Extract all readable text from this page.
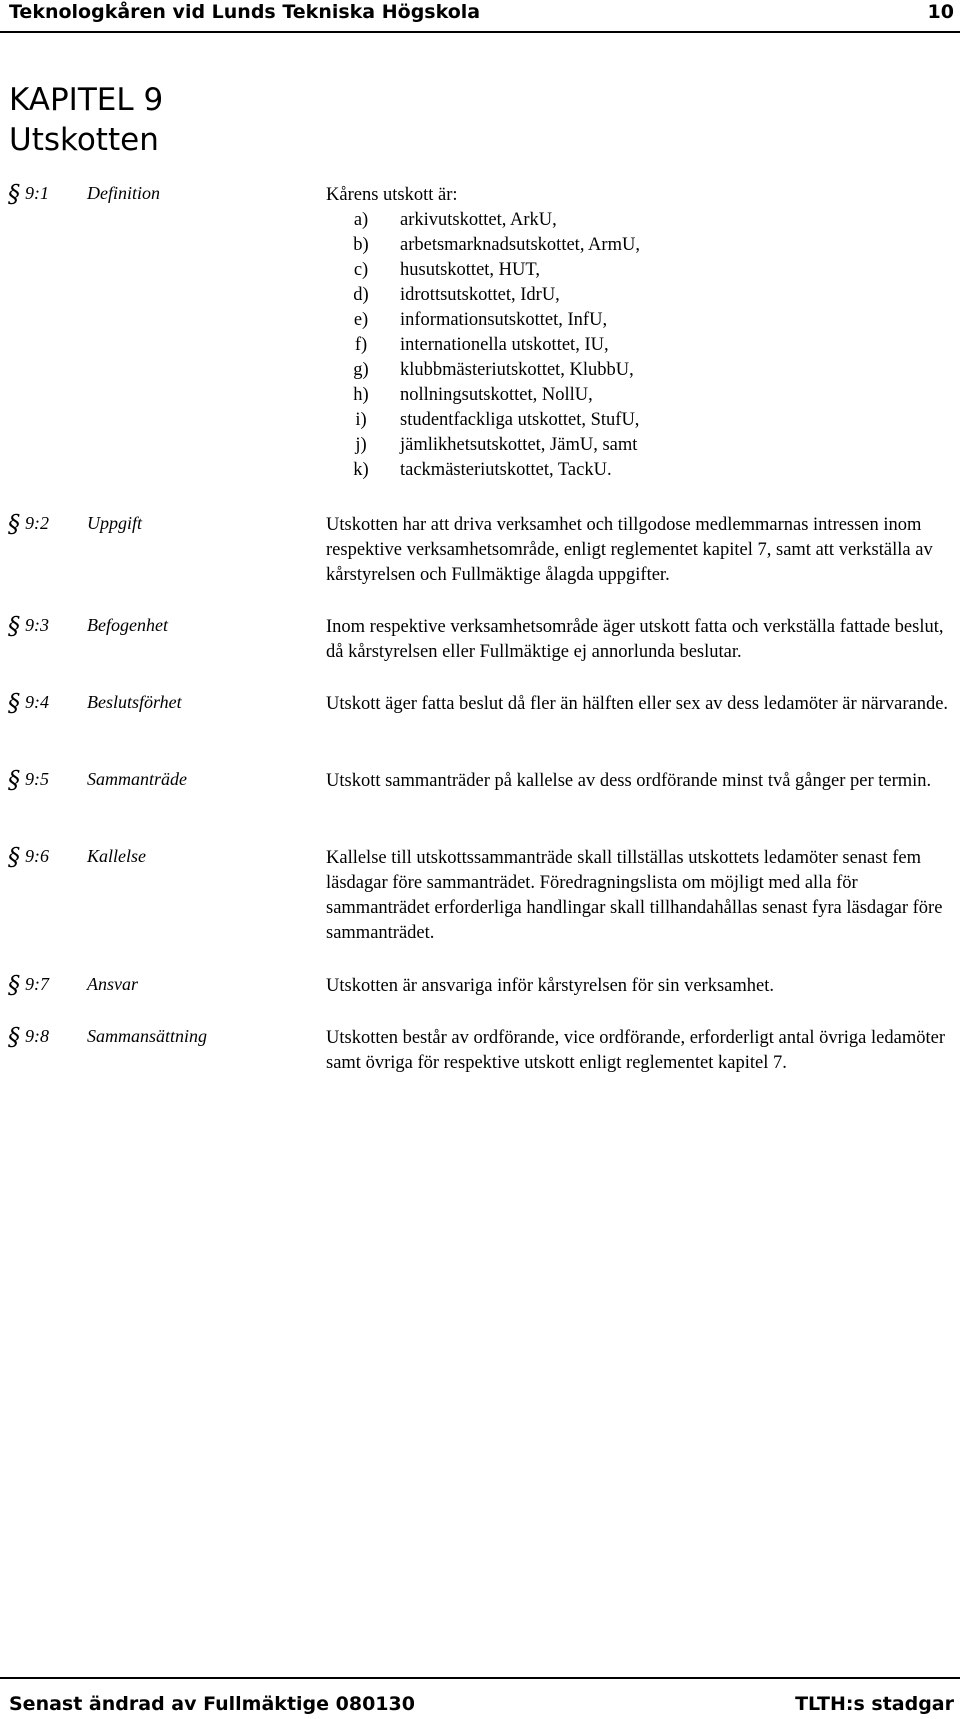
Teknologkåren vid Lunds Tekniska Högskola	10
KAPITEL 9
Utskotten
§ 9:1 Definition	Kårens utskott är:
a)	arkivutskottet, ArkU,
b)	arbetsmarknadsutskottet, ArmU,
c)	husutskottet, HUT,
d)	idrottsutskottet, IdrU,
e)	informationsutskottet, InfU,
f)	internationella utskottet, IU,
g)	klubbmästeriutskottet, KlubbU,
h)	nollningsutskottet, NollU,
i)	studentfackliga utskottet, StufU,
j)	jämlikhetsutskottet, JämU, samt
k)	tackmästeriutskottet, TackU.
§ 9:2 Uppgift	Utskotten har att driva verksamhet och tillgodose medlemmarnas intressen inom respektive verksamhetsområde, enligt reglementet kapitel 7, samt att verkställa av kårstyrelsen och Fullmäktige ålagda uppgifter.
§ 9:3 Befogenhet	Inom respektive verksamhetsområde äger utskott fatta och verkställa fattade beslut, då kårstyrelsen eller Fullmäktige ej annorlunda beslutar.
§ 9:4 Beslutsförhet	Utskott äger fatta beslut då fler än hälften eller sex av dess ledamöter är närvarande.
§ 9:5 Sammanträde	Utskott sammanträder på kallelse av dess ordförande minst två gånger per termin.
§ 9:6 Kallelse	Kallelse till utskottssammanträde skall tillställas utskottets ledamöter senast fem läsdagar före sammanträdet. Föredragningslista om möjligt med alla för sammanträdet erforderliga handlingar skall tillhandahållas senast fyra läsdagar före sammanträdet.
§ 9:7 Ansvar	Utskotten är ansvariga inför kårstyrelsen för sin verksamhet.
§ 9:8 Sammansättning	Utskotten består av ordförande, vice ordförande, erforderligt antal övriga ledamöter samt övriga för respektive utskott enligt reglementet kapitel 7.
Senast ändrad av Fullmäktige 080130	TLTH:s stadgar
